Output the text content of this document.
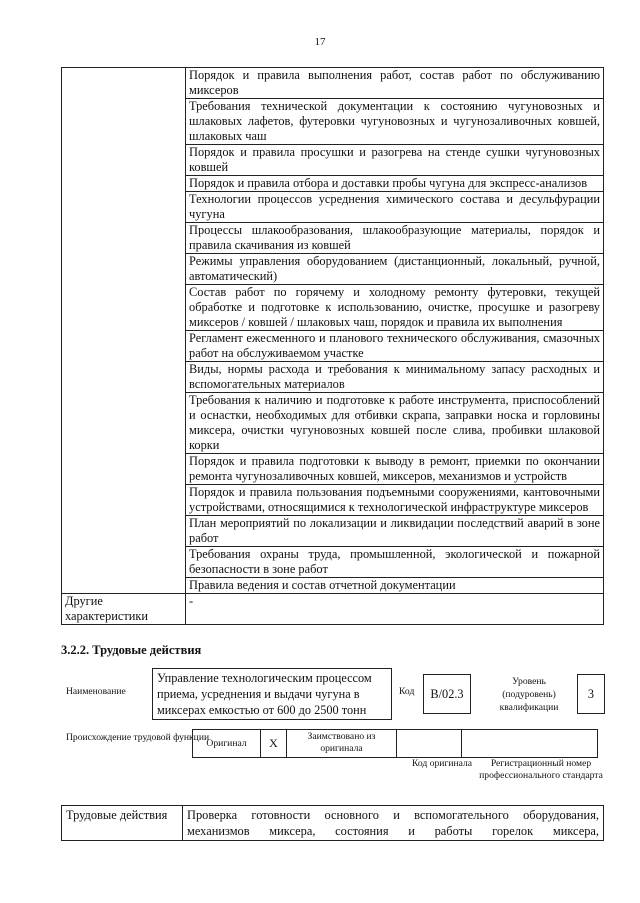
17
	Порядок и правила выполнения работ, состав работ по обслуживанию миксеров
	Требования технической документации к состоянию чугуновозных и шлаковых лафетов, футеровки чугуновозных и чугунозаливочных ковшей, шлаковых чаш
	Порядок и правила просушки и разогрева на стенде сушки чугуновозных ковшей
	Порядок и правила отбора и доставки пробы чугуна для экспресс-анализов
	Технологии процессов усреднения химического состава и десульфурации чугуна
	Процессы шлакообразования, шлакообразующие материалы, порядок и правила скачивания из ковшей
	Режимы управления оборудованием (дистанционный, локальный, ручной, автоматический)
	Состав работ по горячему и холодному ремонту футеровки, текущей обработке и подготовке к использованию, очистке, просушке и разогреву миксеров / ковшей / шлаковых чаш, порядок и правила их выполнения
	Регламент ежесменного и планового технического обслуживания, смазочных работ на обслуживаемом участке
	Виды, нормы расхода и требования к минимальному запасу расходных и вспомогательных материалов
	Требования к наличию и подготовке к работе инструмента, приспособлений и оснастки, необходимых для отбивки скрапа, заправки носка и горловины миксера, очистки чугуновозных ковшей после слива, пробивки шлаковой корки
	Порядок и правила подготовки к выводу в ремонт, приемки по окончании ремонта чугунозаливочных ковшей, миксеров, механизмов и устройств
	Порядок и правила пользования подъемными сооружениями, кантовочными устройствами, относящимися к технологической инфраструктуре миксеров
	План мероприятий по локализации и ликвидации последствий аварий в зоне работ
	Требования охраны труда, промышленной, экологической и пожарной безопасности в зоне работ
	Правила ведения и состав отчетной документации
Другие характеристики	-
3.2.2. Трудовые действия
Наименование
Управление технологическим процессом приема, усреднения и выдачи чугуна в миксерах емкостью от 600 до 2500 тонн
Код	B/02.3
Уровень (подуровень) квалификации
3
Происхождение трудовой функции
Оригинал	X	Заимствовано из оригинала
Код оригинала	Регистрационный номер профессионального стандарта
Трудовые действия	Проверка готовности основного и вспомогательного оборудования, механизмов миксера, состояния и работы горелок миксера,
